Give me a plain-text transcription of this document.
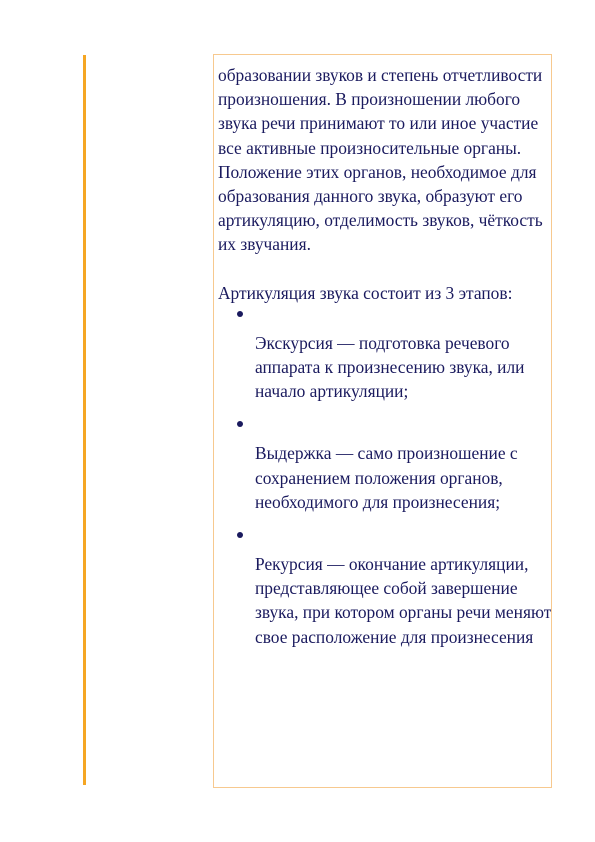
образовании звуков и степень отчетливости произношения. В произношении любого звука речи принимают то или иное участие все активные произносительные органы. Положение этих органов, необходимое для образования данного звука, образуют его артикуляцию, отделимость звуков, чёткость их звучания.

Артикуляция звука состоит из 3 этапов:

Экскурсия — подготовка речевого аппарата к произнесению звука, или начало артикуляции;
Выдержка — само произношение с сохранением положения органов, необходимого для произнесения;
Рекурсия — окончание артикуляции, представляющее собой завершение звука, при котором органы речи меняют свое расположение для произнесения
